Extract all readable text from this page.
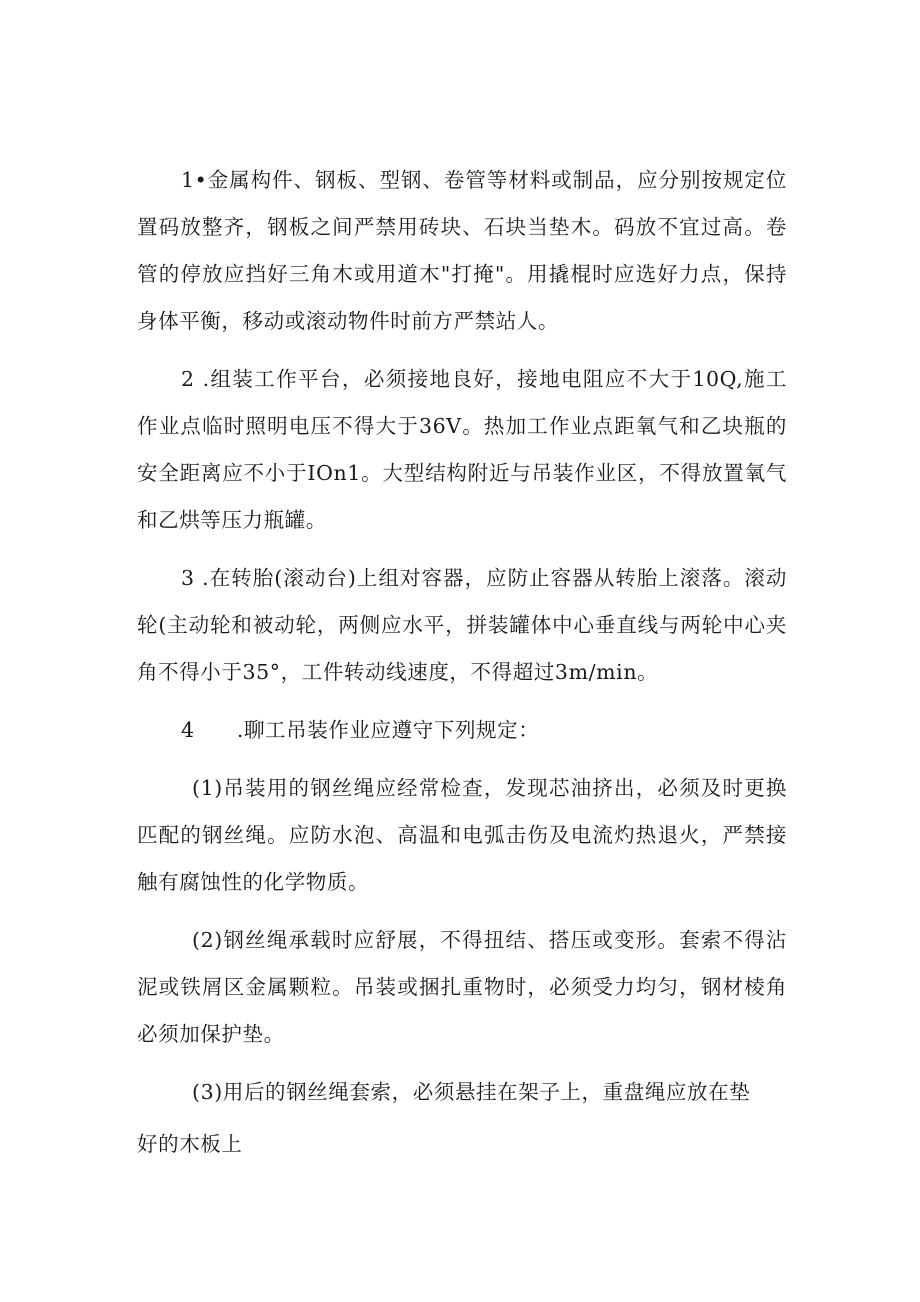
1•金属构件、钢板、型钢、卷管等材料或制品，应分别按规定位置码放整齐，钢板之间严禁用砖块、石块当垫木。码放不宜过高。卷管的停放应挡好三角木或用道木"打掩"。用撬棍时应选好力点，保持身体平衡，移动或滚动物件时前方严禁站人。

2 .组装工作平台，必须接地良好，接地电阻应不大于10Q,施工作业点临时照明电压不得大于36V。热加工作业点距氧气和乙块瓶的安全距离应不小于IOn1。大型结构附近与吊装作业区，不得放置氧气和乙烘等压力瓶罐。

3 .在转胎(滚动台)上组对容器，应防止容器从转胎上滚落。滚动轮(主动轮和被动轮，两侧应水平，拼装罐体中心垂直线与两轮中心夹角不得小于35°，工件转动线速度，不得超过3m/min。

4　　.聊工吊装作业应遵守下列规定：

(1)吊装用的钢丝绳应经常检查，发现芯油挤出，必须及时更换匹配的钢丝绳。应防水泡、高温和电弧击伤及电流灼热退火，严禁接触有腐蚀性的化学物质。

(2)钢丝绳承载时应舒展，不得扭结、搭压或变形。套索不得沾泥或铁屑区金属颗粒。吊装或捆扎重物时，必须受力均匀，钢材棱角必须加保护垫。

(3)用后的钢丝绳套索，必须悬挂在架子上，重盘绳应放在垫

好的木板上
